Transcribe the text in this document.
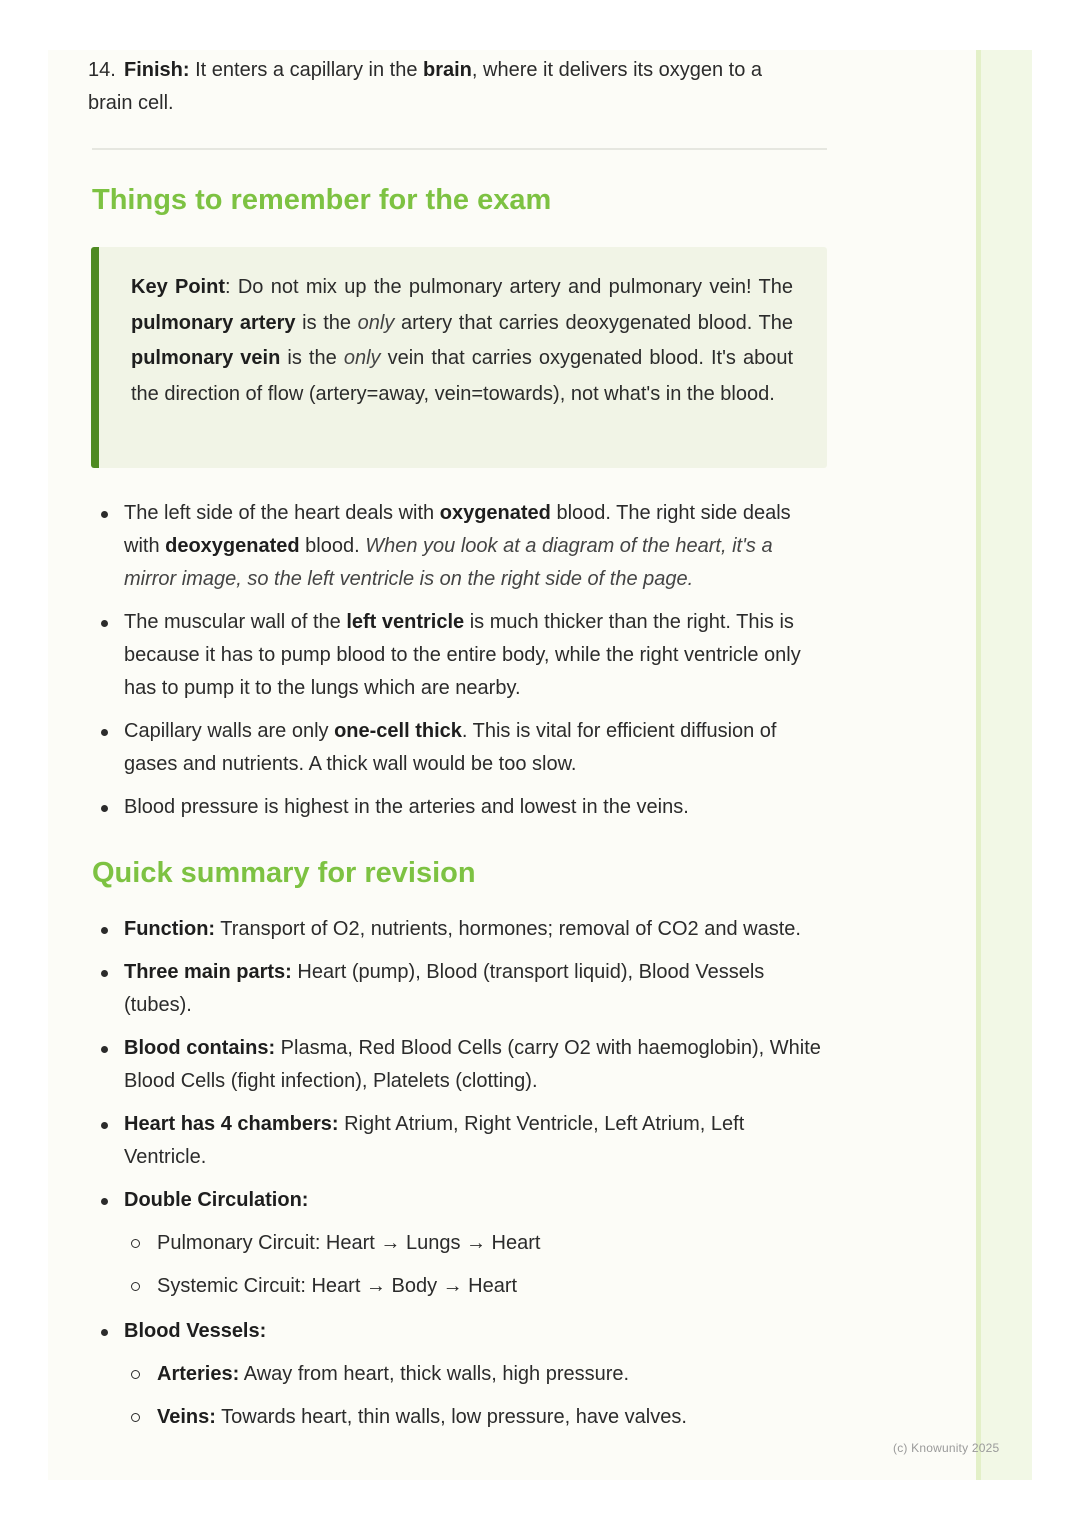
14. Finish: It enters a capillary in the brain, where it delivers its oxygen to a brain cell.
Things to remember for the exam

Key Point: Do not mix up the pulmonary artery and pulmonary vein! The pulmonary artery is the only artery that carries deoxygenated blood. The pulmonary vein is the only vein that carries oxygenated blood. It's about the direction of flow (artery=away, vein=towards), not what's in the blood.

The left side of the heart deals with oxygenated blood. The right side deals with deoxygenated blood. When you look at a diagram of the heart, it's a mirror image, so the left ventricle is on the right side of the page.
The muscular wall of the left ventricle is much thicker than the right. This is because it has to pump blood to the entire body, while the right ventricle only has to pump it to the lungs which are nearby.
Capillary walls are only one-cell thick. This is vital for efficient diffusion of gases and nutrients. A thick wall would be too slow.
Blood pressure is highest in the arteries and lowest in the veins.
Quick summary for revision
Function: Transport of O2, nutrients, hormones; removal of CO2 and waste.
Three main parts: Heart (pump), Blood (transport liquid), Blood Vessels (tubes).
Blood contains: Plasma, Red Blood Cells (carry O2 with haemoglobin), White Blood Cells (fight infection), Platelets (clotting).
Heart has 4 chambers: Right Atrium, Right Ventricle, Left Atrium, Left Ventricle.
Double Circulation:
Pulmonary Circuit: Heart → Lungs → Heart
Systemic Circuit: Heart → Body → Heart
Blood Vessels:
Arteries: Away from heart, thick walls, high pressure.
Veins: Towards heart, thin walls, low pressure, have valves.
(c) Knowunity 2025
